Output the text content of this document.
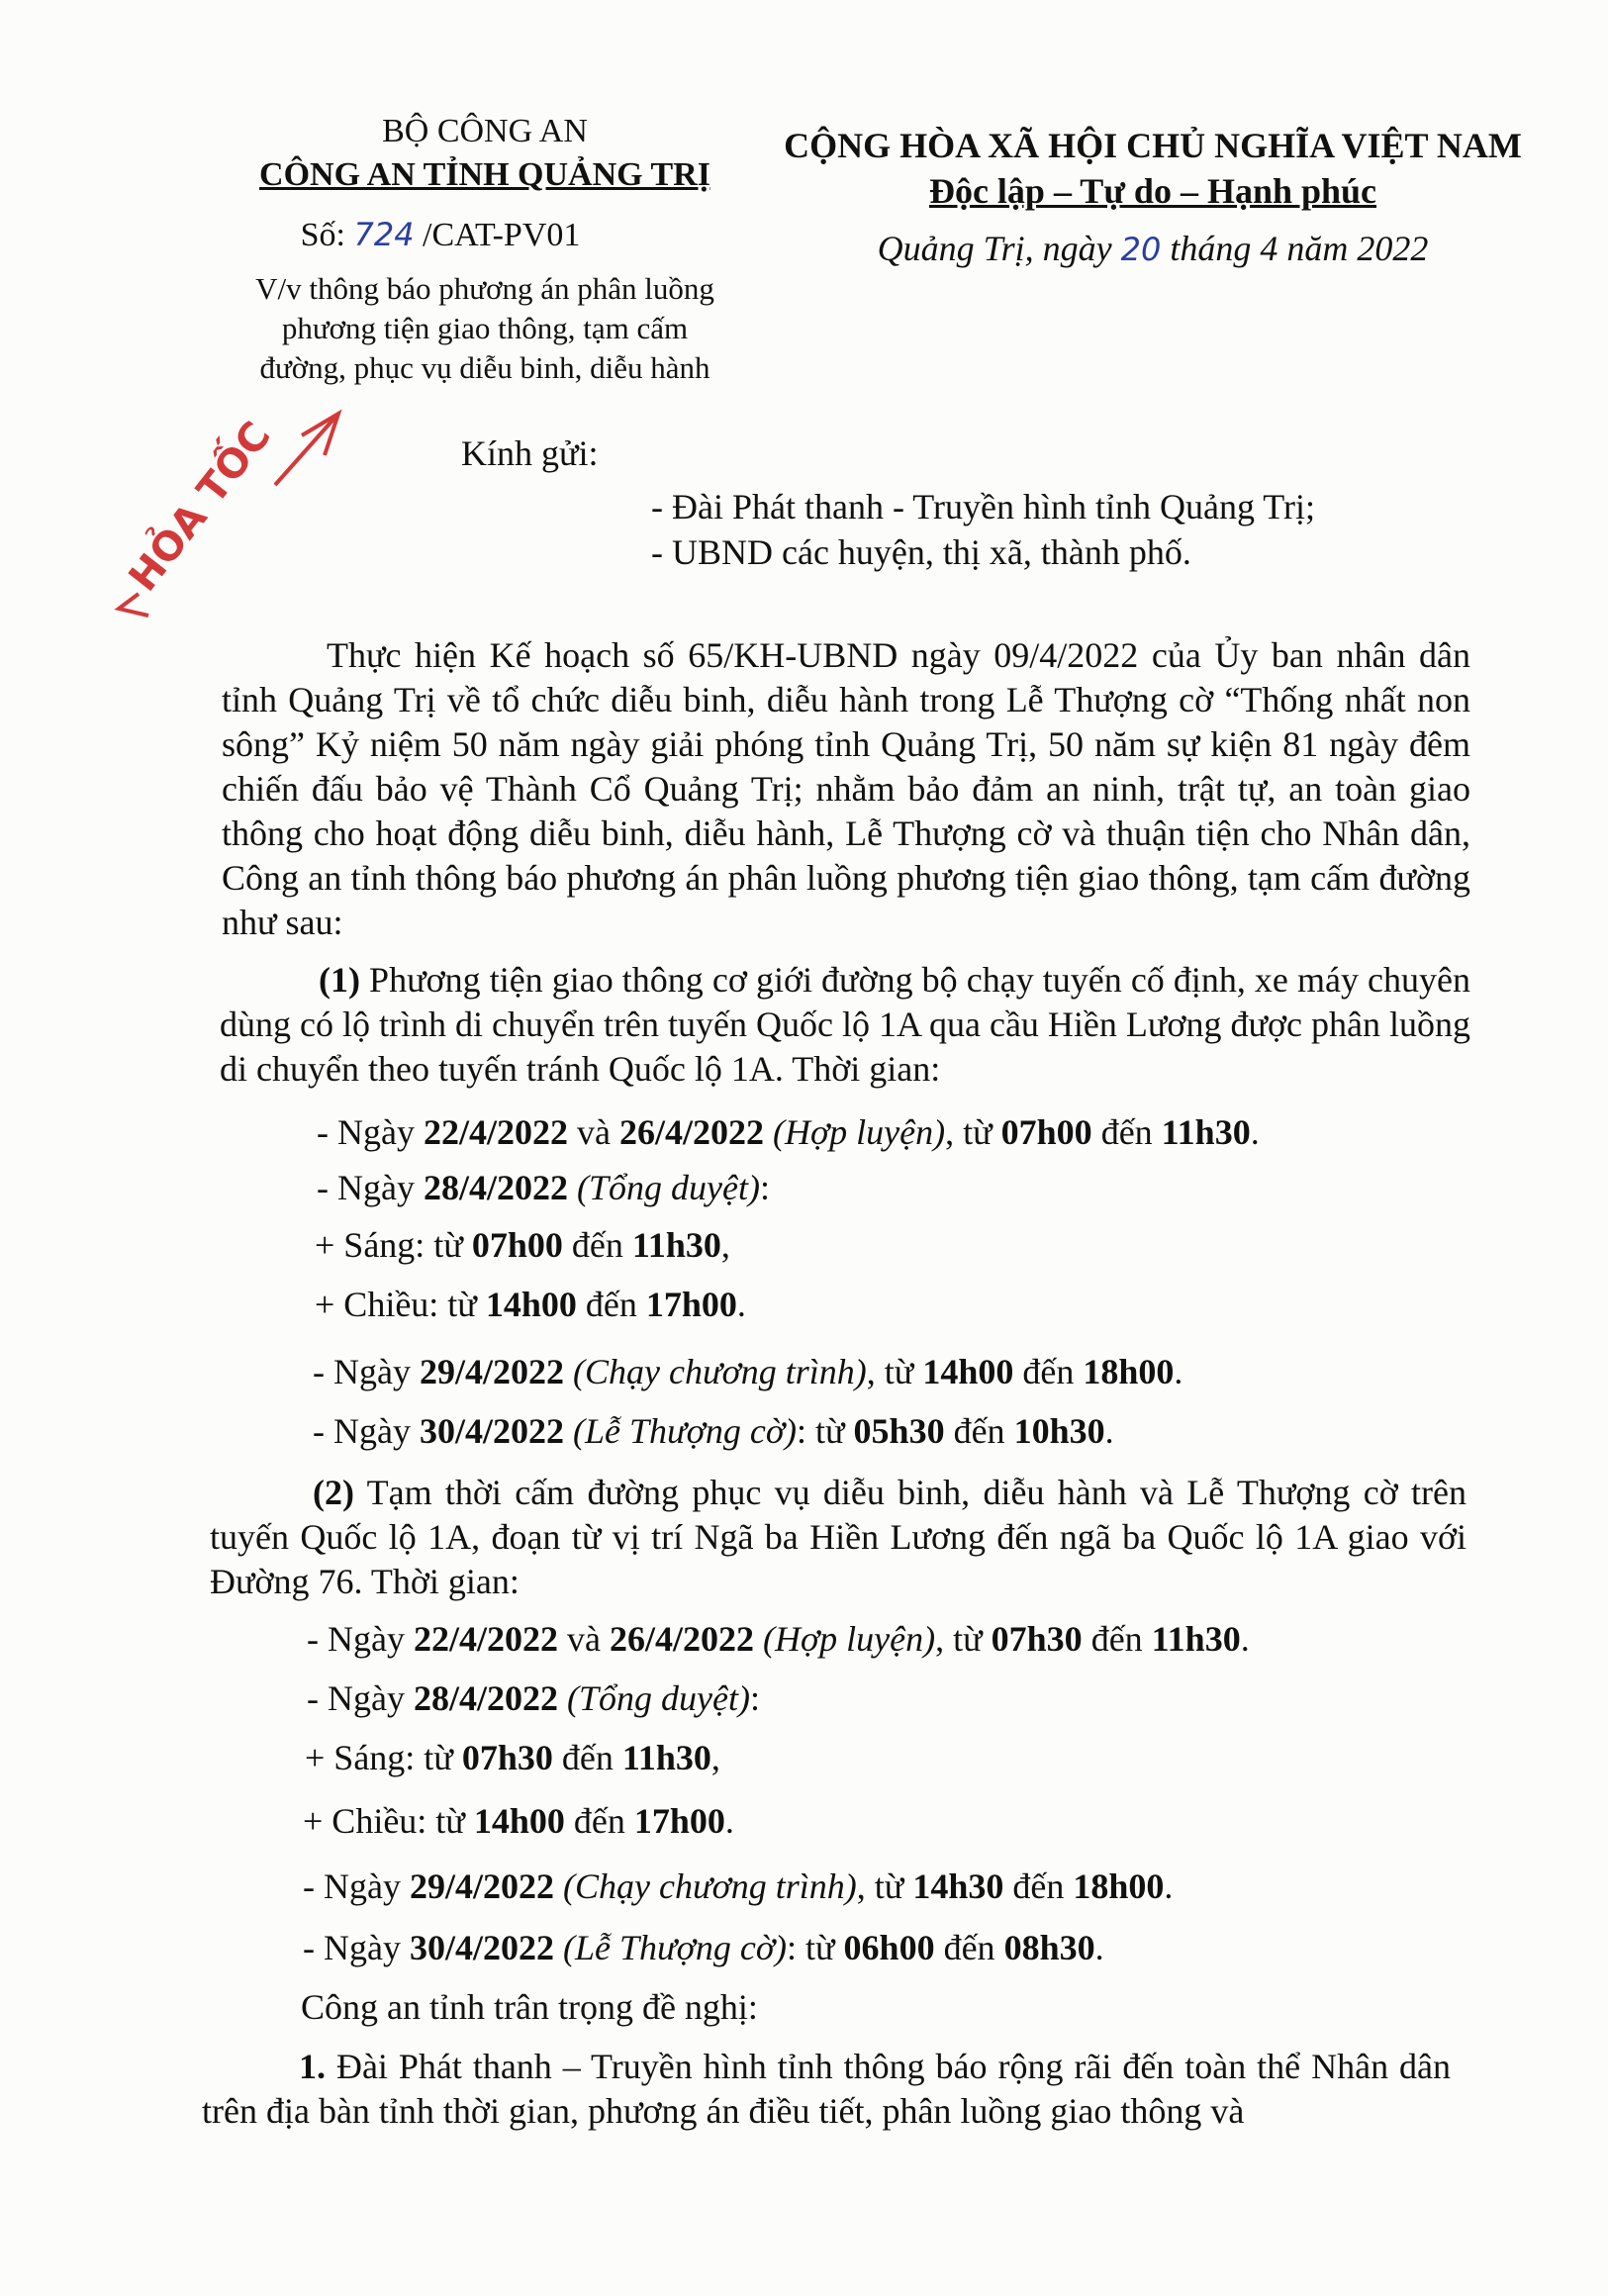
BỘ CÔNG AN
CÔNG AN TỈNH QUẢNG TRỊ
Số: 724 /CAT-PV01
V/v thông báo phương án phân luồng
phương tiện giao thông, tạm cấm
đường, phục vụ diễu binh, diễu hành
CỘNG HÒA XÃ HỘI CHỦ NGHĨA VIỆT NAM
Độc lập – Tự do – Hạnh phúc
Quảng Trị, ngày 20 tháng 4 năm 2022
HỎA TỐC	Kính gửi:
- Đài Phát thanh - Truyền hình tỉnh Quảng Trị;
- UBND các huyện, thị xã, thành phố.
Thực hiện Kế hoạch số 65/KH-UBND ngày 09/4/2022 của Ủy ban nhân dân tỉnh Quảng Trị về tổ chức diễu binh, diễu hành trong Lễ Thượng cờ “Thống nhất non sông” Kỷ niệm 50 năm ngày giải phóng tỉnh Quảng Trị, 50 năm sự kiện 81 ngày đêm chiến đấu bảo vệ Thành Cổ Quảng Trị; nhằm bảo đảm an ninh, trật tự, an toàn giao thông cho hoạt động diễu binh, diễu hành, Lễ Thượng cờ và thuận tiện cho Nhân dân, Công an tỉnh thông báo phương án phân luồng phương tiện giao thông, tạm cấm đường như sau:
(1) Phương tiện giao thông cơ giới đường bộ chạy tuyến cố định, xe máy chuyên dùng có lộ trình di chuyển trên tuyến Quốc lộ 1A qua cầu Hiền Lương được phân luồng di chuyển theo tuyến tránh Quốc lộ 1A. Thời gian:
- Ngày 22/4/2022 và 26/4/2022 (Hợp luyện), từ 07h00 đến 11h30.
- Ngày 28/4/2022 (Tổng duyệt):
+ Sáng: từ 07h00 đến 11h30,
+ Chiều: từ 14h00 đến 17h00.
- Ngày 29/4/2022 (Chạy chương trình), từ 14h00 đến 18h00.
- Ngày 30/4/2022 (Lễ Thượng cờ): từ 05h30 đến 10h30.
(2) Tạm thời cấm đường phục vụ diễu binh, diễu hành và Lễ Thượng cờ trên tuyến Quốc lộ 1A, đoạn từ vị trí Ngã ba Hiền Lương đến ngã ba Quốc lộ 1A giao với Đường 76. Thời gian:
- Ngày 22/4/2022 và 26/4/2022 (Hợp luyện), từ 07h30 đến 11h30.
- Ngày 28/4/2022 (Tổng duyệt):
+ Sáng: từ 07h30 đến 11h30,
+ Chiều: từ 14h00 đến 17h00.
- Ngày 29/4/2022 (Chạy chương trình), từ 14h30 đến 18h00.
- Ngày 30/4/2022 (Lễ Thượng cờ): từ 06h00 đến 08h30.
Công an tỉnh trân trọng đề nghị:
1. Đài Phát thanh – Truyền hình tỉnh thông báo rộng rãi đến toàn thể Nhân dân trên địa bàn tỉnh thời gian, phương án điều tiết, phân luồng giao thông và
